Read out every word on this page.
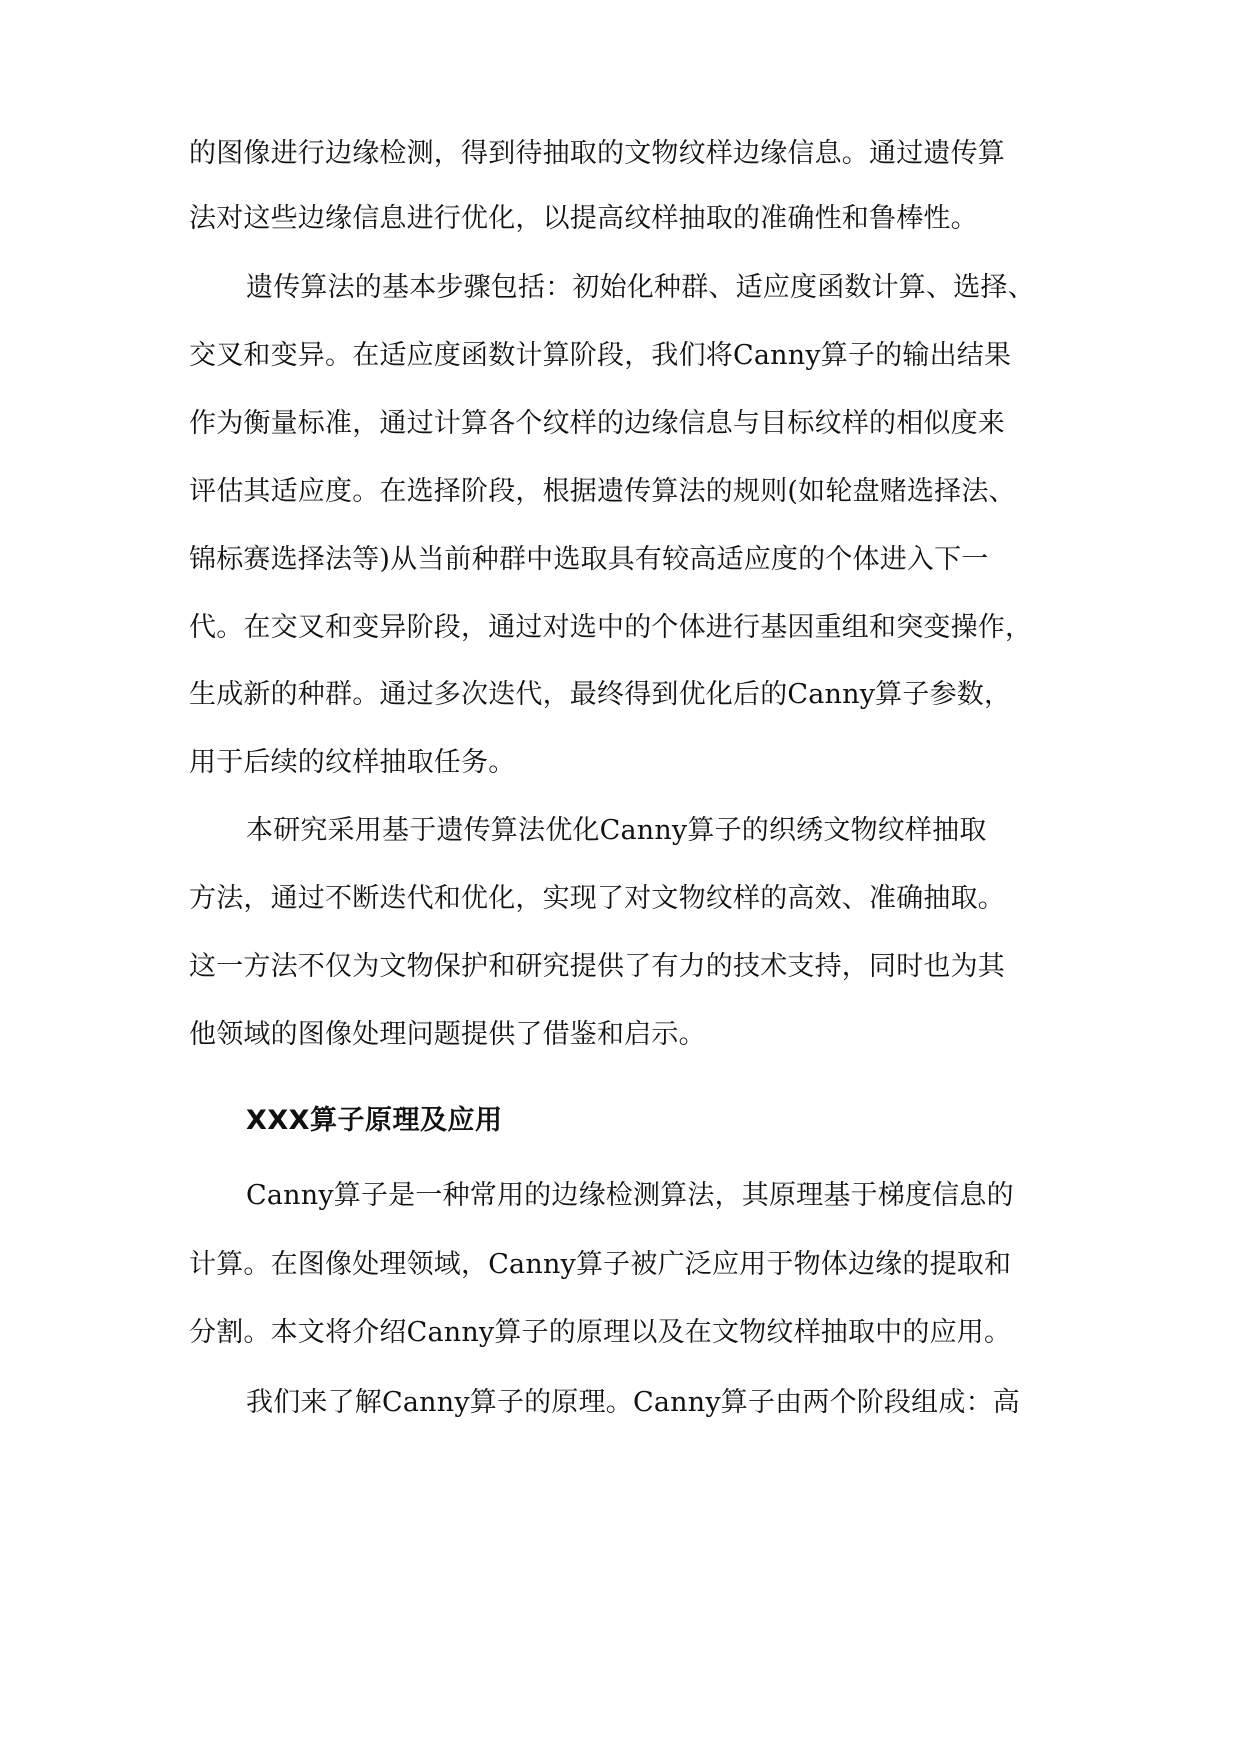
的图像进行边缘检测，得到待抽取的文物纹样边缘信息。通过遗传算
法对这些边缘信息进行优化，以提高纹样抽取的准确性和鲁棒性。
遗传算法的基本步骤包括：初始化种群、适应度函数计算、选择、
交叉和变异。在适应度函数计算阶段，我们将Canny算子的输出结果
作为衡量标准，通过计算各个纹样的边缘信息与目标纹样的相似度来
评估其适应度。在选择阶段，根据遗传算法的规则(如轮盘赌选择法、
锦标赛选择法等)从当前种群中选取具有较高适应度的个体进入下一
代。在交叉和变异阶段，通过对选中的个体进行基因重组和突变操作，
生成新的种群。通过多次迭代，最终得到优化后的Canny算子参数，
用于后续的纹样抽取任务。
本研究采用基于遗传算法优化Canny算子的织绣文物纹样抽取
方法，通过不断迭代和优化，实现了对文物纹样的高效、准确抽取。
这一方法不仅为文物保护和研究提供了有力的技术支持，同时也为其
他领域的图像处理问题提供了借鉴和启示。
XXX算子原理及应用
Canny算子是一种常用的边缘检测算法，其原理基于梯度信息的
计算。在图像处理领域，Canny算子被广泛应用于物体边缘的提取和
分割。本文将介绍Canny算子的原理以及在文物纹样抽取中的应用。
我们来了解Canny算子的原理。Canny算子由两个阶段组成：高
